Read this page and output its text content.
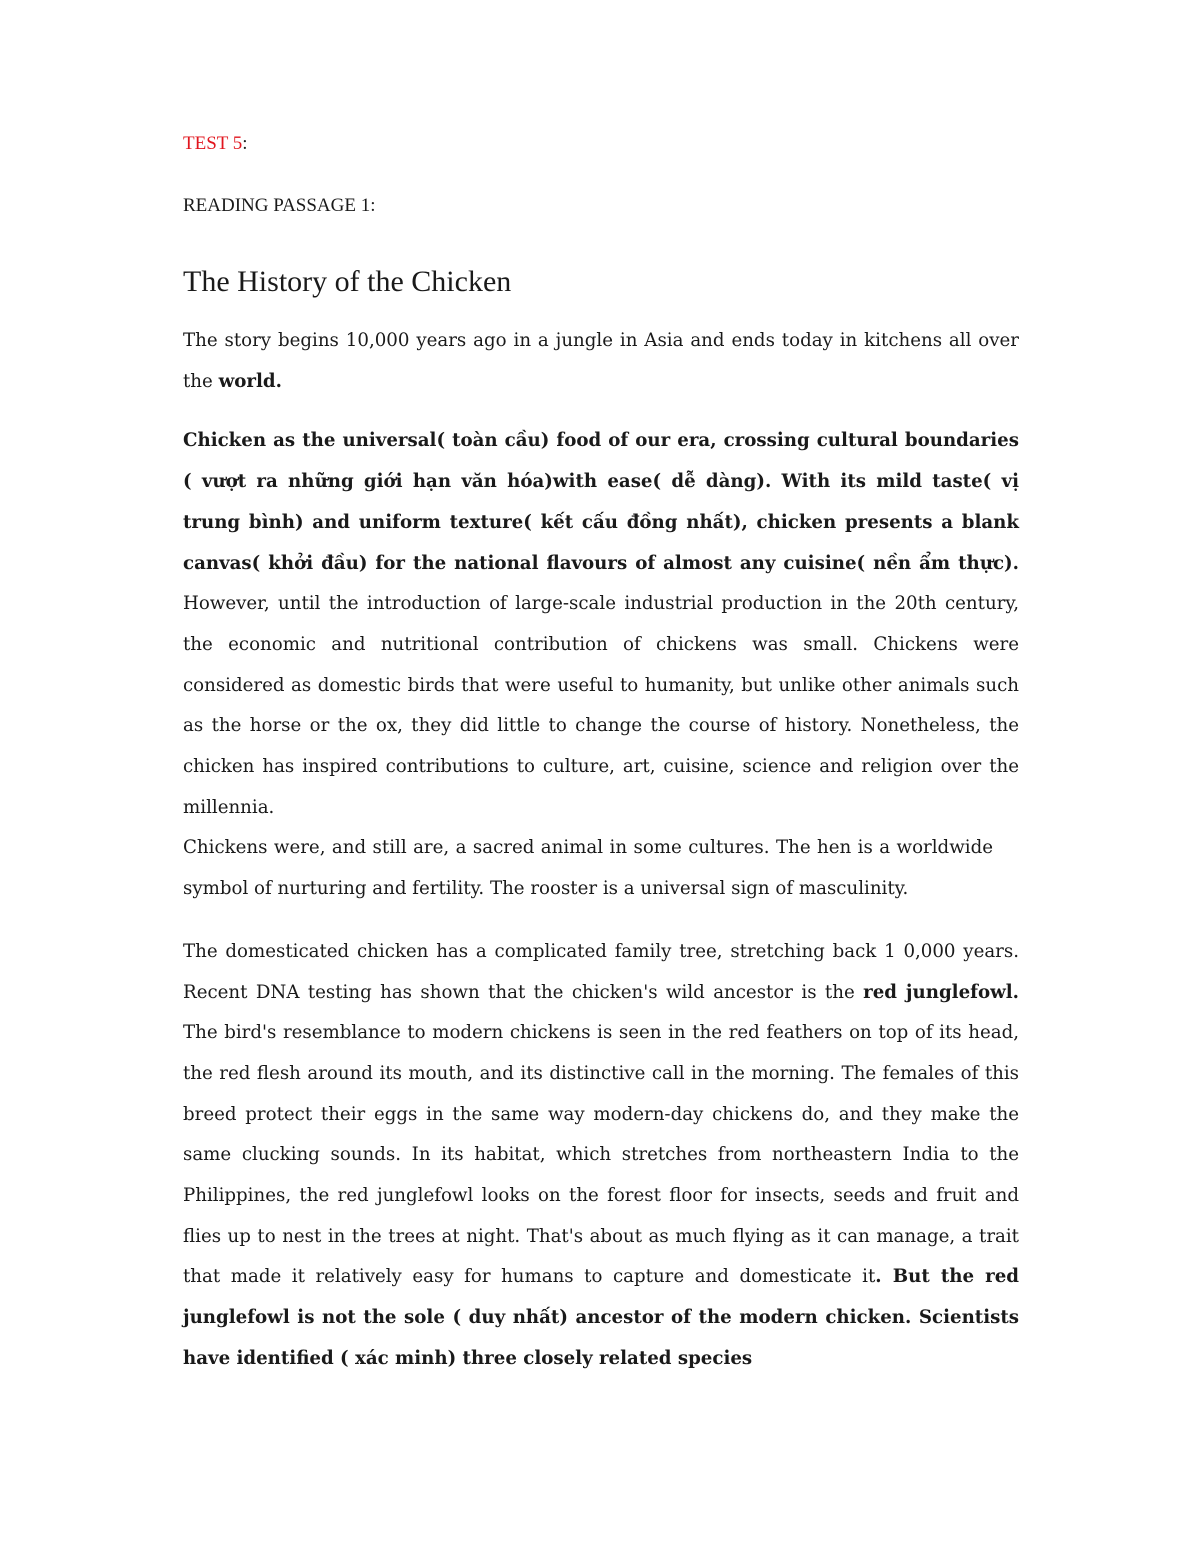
TEST 5:

READING PASSAGE 1:

The History of the Chicken

The story begins 10,000 years ago in a jungle in Asia and ends today in kitchens all over the world.

Chicken as the universal( toàn cầu) food of our era, crossing cultural boundaries ( vượt ra những giới hạn văn hóa)with ease( dễ dàng). With its mild taste( vị trung bình) and uniform texture( kết cấu đồng nhất), chicken presents a blank canvas( khởi đầu) for the national flavours of almost any cuisine( nền ẩm thực). However, until the introduction of large-scale industrial production in the 20th century, the economic and nutritional contribution of chickens was small. Chickens were considered as domestic birds that were useful to humanity, but unlike other animals such as the horse or the ox, they did little to change the course of history. Nonetheless, the chicken has inspired contributions to culture, art, cuisine, science and religion over the millennia.

Chickens were, and still are, a sacred animal in some cultures. The hen is a worldwide symbol of nurturing and fertility. The rooster is a universal sign of masculinity.

The domesticated chicken has a complicated family tree, stretching back 1 0,000 years. Recent DNA testing has shown that the chicken's wild ancestor is the red junglefowl. The bird's resemblance to modern chickens is seen in the red feathers on top of its head, the red flesh around its mouth, and its distinctive call in the morning. The females of this breed protect their eggs in the same way modern-day chickens do, and they make the same clucking sounds. In its habitat, which stretches from northeastern India to the Philippines, the red junglefowl looks on the forest floor for insects, seeds and fruit and flies up to nest in the trees at night. That's about as much flying as it can manage, a trait that made it relatively easy for humans to capture and domesticate it. But the red junglefowl is not the sole ( duy nhất) ancestor of the modern chicken. Scientists have identified ( xác minh) three closely related species
